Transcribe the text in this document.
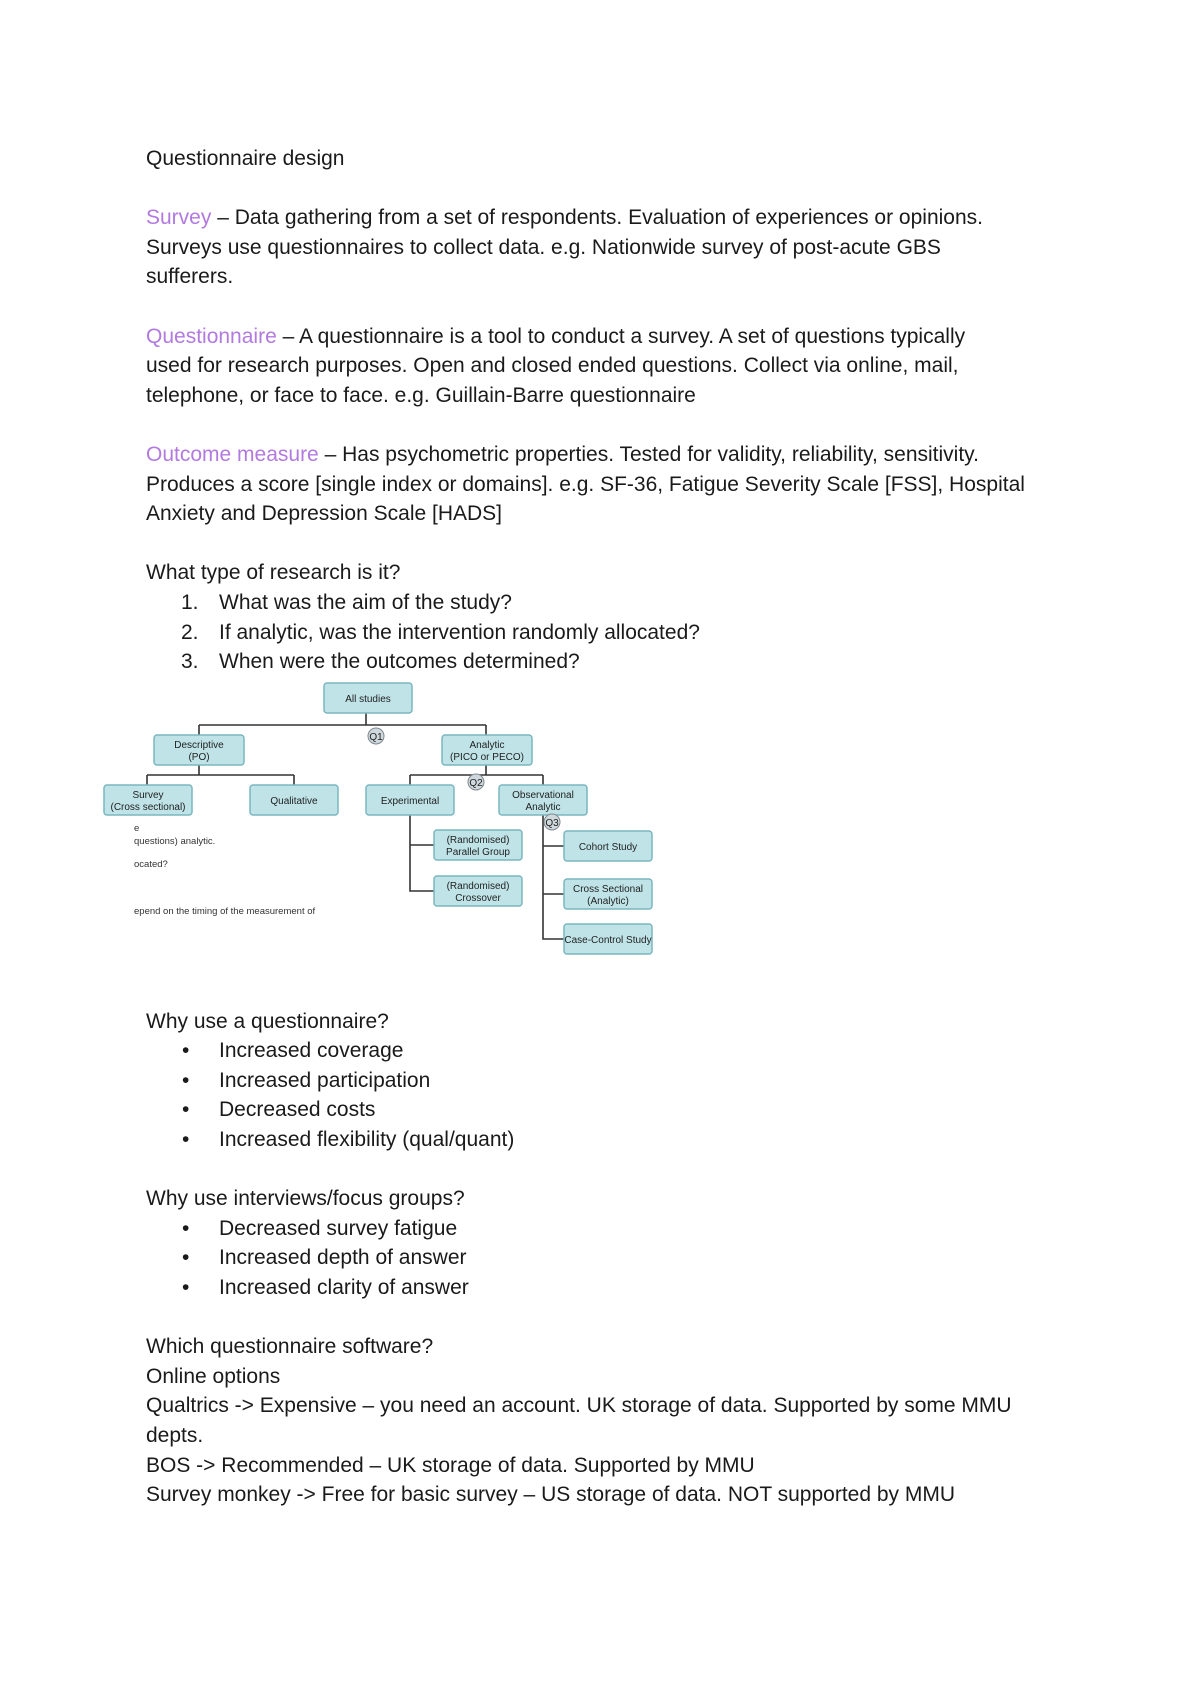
Questionnaire design

Survey – Data gathering from a set of respondents. Evaluation of experiences or opinions.

Surveys use questionnaires to collect data. e.g. Nationwide survey of post-acute GBS

sufferers.

Questionnaire – A questionnaire is a tool to conduct a survey. A set of questions typically

used for research purposes. Open and closed ended questions. Collect via online, mail,

telephone, or face to face. e.g. Guillain-Barre questionnaire

Outcome measure – Has psychometric properties. Tested for validity, reliability, sensitivity.

Produces a score [single index or domains]. e.g. SF-36, Fatigue Severity Scale [FSS], Hospital

Anxiety and Depression Scale [HADS]

What type of research is it?

1. What was the aim of the study?
2. If analytic, was the intervention randomly allocated?
3. When were the outcomes determined?
All studies
Descriptive
(PO)
Analytic
(PICO or PECO)
Survey
(Cross sectional)
Qualitative	Experimental
Observational
Analytic
(Randomised)
Parallel Group
(Randomised)
Crossover
Cohort Study
Cross Sectional
(Analytic)
Case-Control Study
Q1
Q2
Q3
e
questions) analytic.
ocated?
epend on the timing of the measurement of

Why use a questionnaire?

• Increased coverage
• Increased participation
• Decreased costs
• Increased flexibility (qual/quant)

Why use interviews/focus groups?

• Decreased survey fatigue
• Increased depth of answer
• Increased clarity of answer

Which questionnaire software?

Online options

Qualtrics -> Expensive – you need an account. UK storage of data. Supported by some MMU

depts.

BOS -> Recommended – UK storage of data. Supported by MMU

Survey monkey -> Free for basic survey – US storage of data. NOT supported by MMU
